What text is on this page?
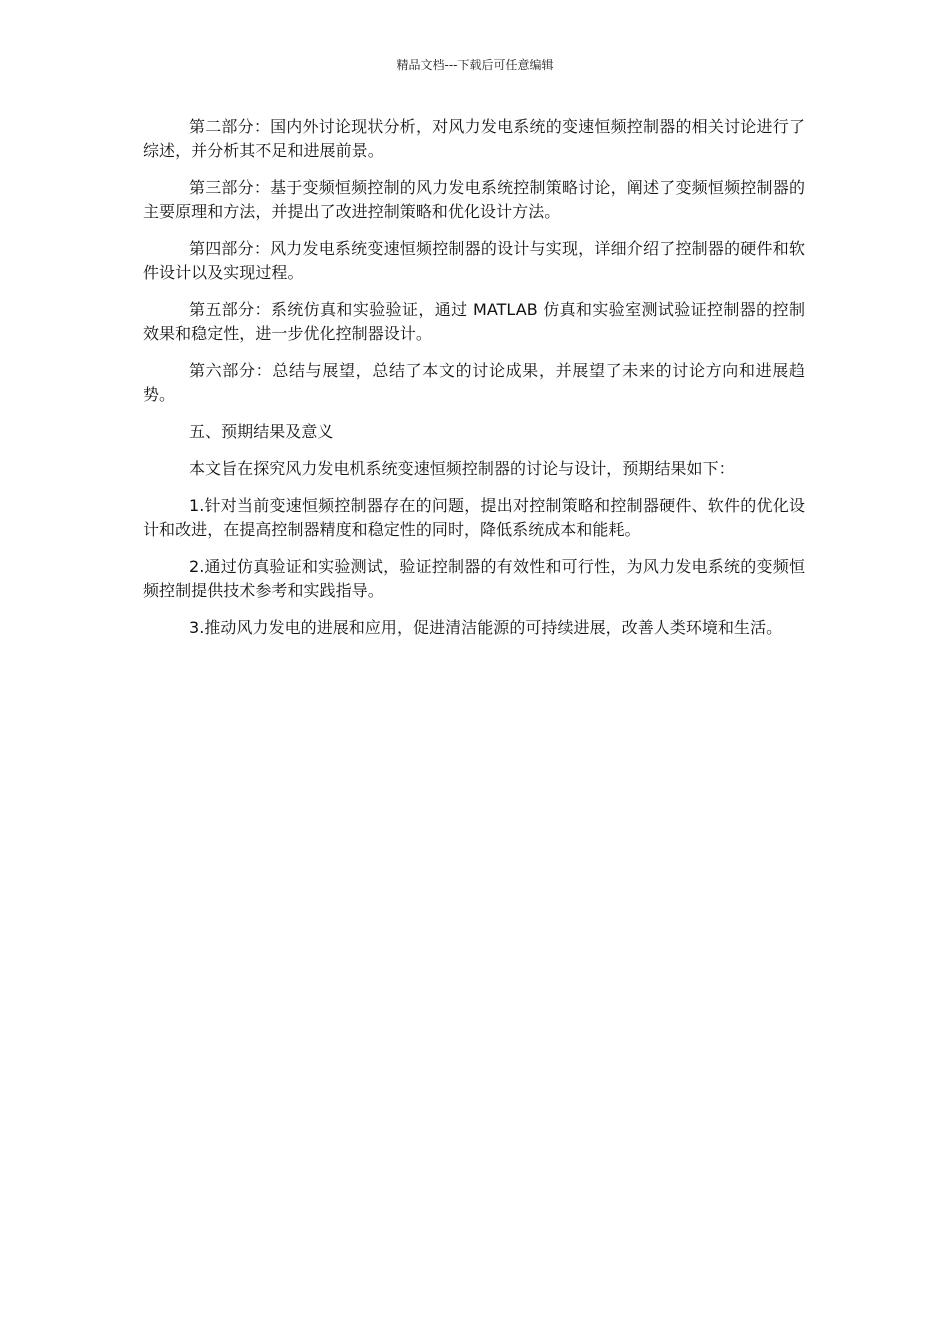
精品文档---下载后可任意编辑

第二部分：国内外讨论现状分析，对风力发电系统的变速恒频控制器的相关讨论进行了综述，并分析其不足和进展前景。

第三部分：基于变频恒频控制的风力发电系统控制策略讨论，阐述了变频恒频控制器的主要原理和方法，并提出了改进控制策略和优化设计方法。

第四部分：风力发电系统变速恒频控制器的设计与实现，详细介绍了控制器的硬件和软件设计以及实现过程。

第五部分：系统仿真和实验验证，通过 MATLAB 仿真和实验室测试验证控制器的控制效果和稳定性，进一步优化控制器设计。

第六部分：总结与展望，总结了本文的讨论成果，并展望了未来的讨论方向和进展趋势。

五、预期结果及意义

本文旨在探究风力发电机系统变速恒频控制器的讨论与设计，预期结果如下：

1.针对当前变速恒频控制器存在的问题，提出对控制策略和控制器硬件、软件的优化设计和改进，在提高控制器精度和稳定性的同时，降低系统成本和能耗。

2.通过仿真验证和实验测试，验证控制器的有效性和可行性，为风力发电系统的变频恒频控制提供技术参考和实践指导。

3.推动风力发电的进展和应用，促进清洁能源的可持续进展，改善人类环境和生活。
